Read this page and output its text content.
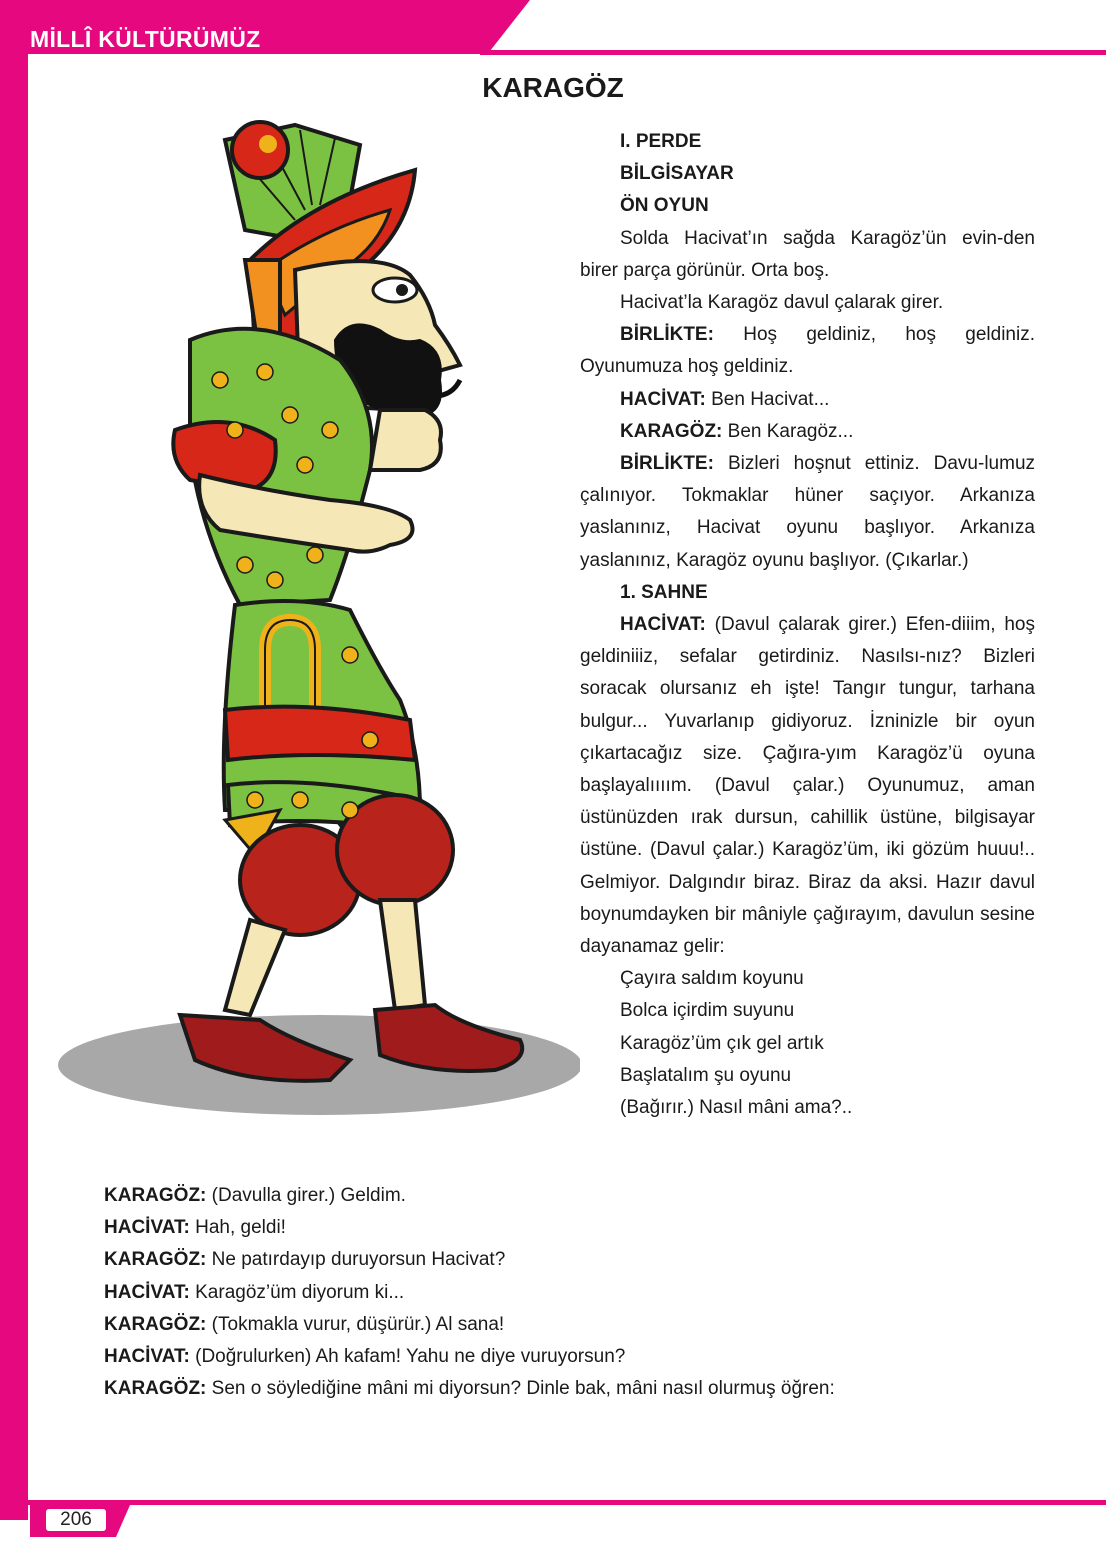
MİLLÎ KÜLTÜRÜMÜZ
KARAGÖZ

I. PERDE

BİLGİSAYAR

ÖN OYUN

Solda Hacivat’ın sağda Karagöz’ün evin-den birer parça görünür. Orta boş.

Hacivat’la Karagöz davul çalarak girer.

BİRLİKTE: Hoş geldiniz, hoş geldiniz. Oyunumuza hoş geldiniz.

HACİVAT: Ben Hacivat...

KARAGÖZ: Ben Karagöz...

BİRLİKTE: Bizleri hoşnut ettiniz. Davu-lumuz çalınıyor. Tokmaklar hüner saçıyor. Arkanıza yaslanınız, Hacivat oyunu başlıyor. Arkanıza yaslanınız, Karagöz oyunu başlıyor. (Çıkarlar.)

1. SAHNE

HACİVAT: (Davul çalarak girer.) Efen-diiim, hoş geldiniiiz, sefalar getirdiniz. Nasılsı-nız? Bizleri soracak olursanız eh işte! Tangır tungur, tarhana bulgur... Yuvarlanıp gidiyoruz. İzninizle bir oyun çıkartacağız size. Çağıra-yım Karagöz’ü oyuna başlayalıııım. (Davul çalar.) Oyunumuz, aman üstünüzden ırak dursun, cahillik üstüne, bilgisayar üstüne. (Davul çalar.) Karagöz’üm, iki gözüm huuu!.. Gelmiyor. Dalgındır biraz. Biraz da aksi. Hazır davul boynumdayken bir mâniyle çağırayım, davulun sesine dayanamaz gelir:

Çayıra saldım koyunu

Bolca içirdim suyunu

Karagöz’üm çık gel artık

Başlatalım şu oyunu

(Bağırır.) Nasıl mâni ama?..

KARAGÖZ: (Davulla girer.) Geldim.

HACİVAT: Hah, geldi!

KARAGÖZ: Ne patırdayıp duruyorsun Hacivat?

HACİVAT: Karagöz’üm diyorum ki...

KARAGÖZ: (Tokmakla vurur, düşürür.) Al sana!

HACİVAT: (Doğrulurken) Ah kafam! Yahu ne diye vuruyorsun?

KARAGÖZ: Sen o söylediğine mâni mi diyorsun? Dinle bak, mâni nasıl olurmuş öğren:

206
